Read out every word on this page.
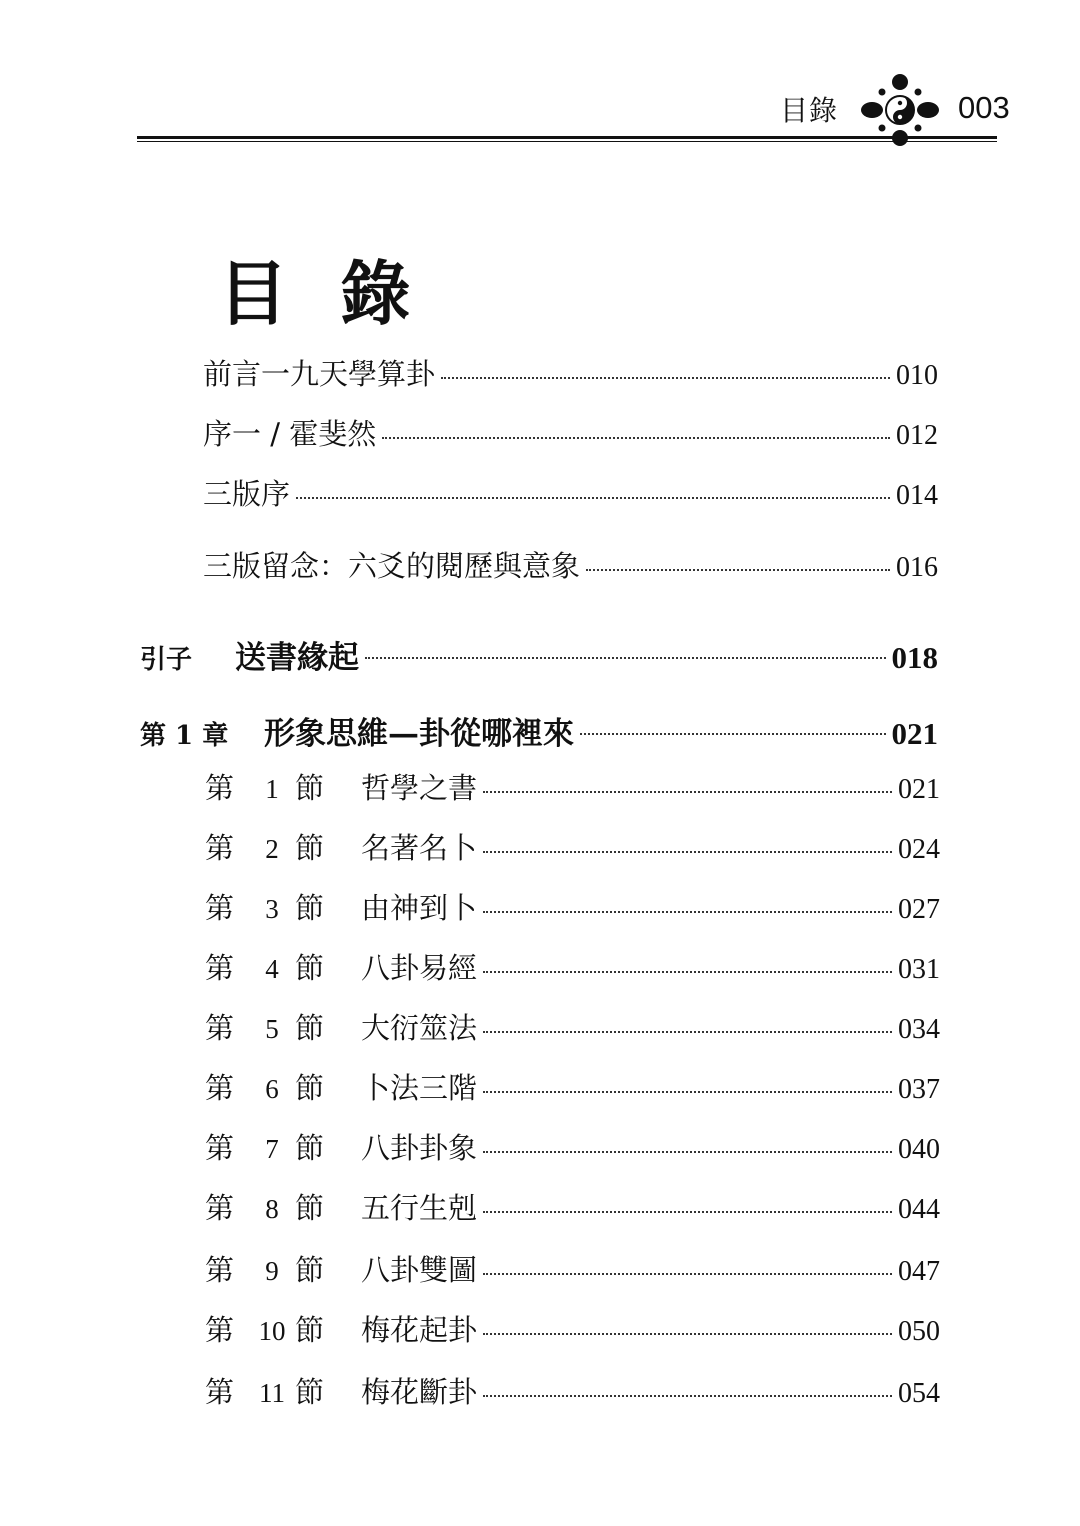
目錄	003
目 錄
前言一九天學算卦	010
序一 / 霍斐然	012
三版序	014
三版留念：六爻的閱歷與意象	016
引子	送書緣起	018
第 1 章	形象思維—卦從哪裡來	021
第	1 節	哲學之書	021
第	2 節	名著名卜	024
第	3 節	由神到卜	027
第	4 節	八卦易經	031
第	5 節	大衍筮法	034
第	6 節	卜法三階	037
第	7 節	八卦卦象	040
第	8 節	五行生剋	044
第	9 節	八卦雙圖	047
第 10 節	梅花起卦	050
第 11 節	梅花斷卦	054
